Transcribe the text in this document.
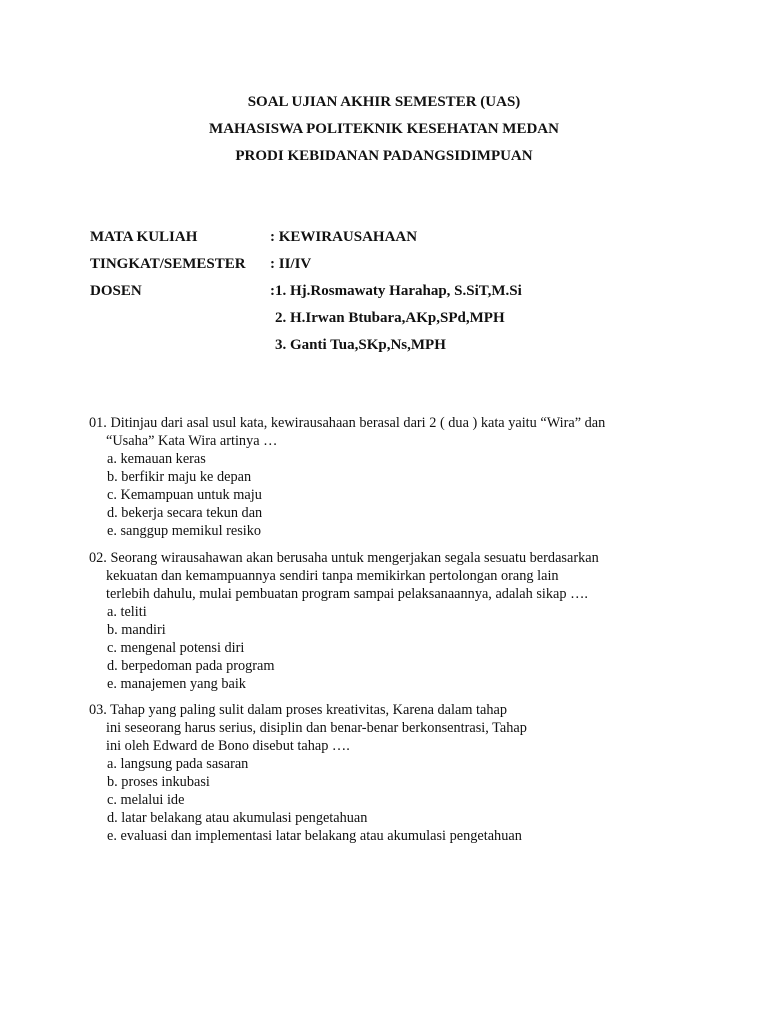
SOAL UJIAN AKHIR SEMESTER (UAS)
MAHASISWA POLITEKNIK KESEHATAN MEDAN
PRODI KEBIDANAN PADANGSIDIMPUAN
MATA KULIAH	: KEWIRAUSAHAAN
TINGKAT/SEMESTER : II/IV
DOSEN	:1. Hj.Rosmawaty Harahap, S.SiT,M.Si
2. H.Irwan Btubara,AKp,SPd,MPH
3. Ganti Tua,SKp,Ns,MPH
01. Ditinjau dari asal usul kata, kewirausahaan berasal dari 2 ( dua ) kata yaitu “Wira” dan
“Usaha” Kata Wira artinya …
a. kemauan keras
b. berfikir maju ke depan
c. Kemampuan untuk maju
d. bekerja secara tekun dan
e. sanggup memikul resiko
02. Seorang wirausahawan akan berusaha untuk mengerjakan segala sesuatu berdasarkan
kekuatan dan kemampuannya sendiri tanpa memikirkan pertolongan orang lain
terlebih dahulu, mulai pembuatan program sampai pelaksanaannya, adalah sikap ….
a. teliti
b. mandiri
c. mengenal potensi diri
d. berpedoman pada program
e. manajemen yang baik
03. Tahap yang paling sulit dalam proses kreativitas, Karena dalam tahap
ini seseorang harus serius, disiplin dan benar-benar berkonsentrasi, Tahap
ini oleh Edward de Bono disebut tahap ….
a. langsung pada sasaran
b. proses inkubasi
c. melalui ide
d. latar belakang atau akumulasi pengetahuan
e. evaluasi dan implementasi latar belakang atau akumulasi pengetahuan
